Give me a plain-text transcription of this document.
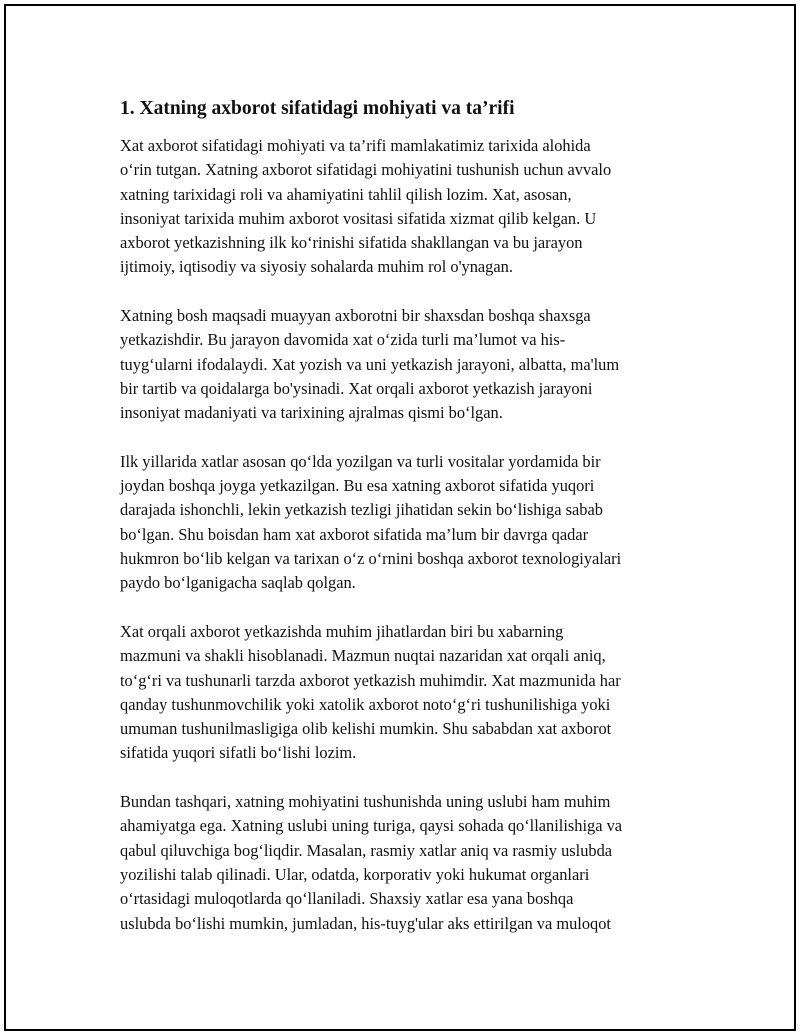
1. Xatning axborot sifatidagi mohiyati va ta’rifi

Xat axborot sifatidagi mohiyati va ta’rifi mamlakatimiz tarixida alohida
o‘rin tutgan. Xatning axborot sifatidagi mohiyatini tushunish uchun avvalo
xatning tarixidagi roli va ahamiyatini tahlil qilish lozim. Xat, asosan,
insoniyat tarixida muhim axborot vositasi sifatida xizmat qilib kelgan. U
axborot yetkazishning ilk ko‘rinishi sifatida shakllangan va bu jarayon
ijtimoiy, iqtisodiy va siyosiy sohalarda muhim rol o'ynagan.

Xatning bosh maqsadi muayyan axborotni bir shaxsdan boshqa shaxsga
yetkazishdir. Bu jarayon davomida xat o‘zida turli ma’lumot va his-
tuyg‘ularni ifodalaydi. Xat yozish va uni yetkazish jarayoni, albatta, ma'lum
bir tartib va qoidalarga bo'ysinadi. Xat orqali axborot yetkazish jarayoni
insoniyat madaniyati va tarixining ajralmas qismi bo‘lgan.

Ilk yillarida xatlar asosan qo‘lda yozilgan va turli vositalar yordamida bir
joydan boshqa joyga yetkazilgan. Bu esa xatning axborot sifatida yuqori
darajada ishonchli, lekin yetkazish tezligi jihatidan sekin bo‘lishiga sabab
bo‘lgan. Shu boisdan ham xat axborot sifatida ma’lum bir davrga qadar
hukmron bo‘lib kelgan va tarixan o‘z o‘rnini boshqa axborot texnologiyalari
paydo bo‘lganigacha saqlab qolgan.

Xat orqali axborot yetkazishda muhim jihatlardan biri bu xabarning
mazmuni va shakli hisoblanadi. Mazmun nuqtai nazaridan xat orqali aniq,
to‘g‘ri va tushunarli tarzda axborot yetkazish muhimdir. Xat mazmunida har
qanday tushunmovchilik yoki xatolik axborot noto‘g‘ri tushunilishiga yoki
umuman tushunilmasligiga olib kelishi mumkin. Shu sababdan xat axborot
sifatida yuqori sifatli bo‘lishi lozim.

Bundan tashqari, xatning mohiyatini tushunishda uning uslubi ham muhim
ahamiyatga ega. Xatning uslubi uning turiga, qaysi sohada qo‘llanilishiga va
qabul qiluvchiga bog‘liqdir. Masalan, rasmiy xatlar aniq va rasmiy uslubda
yozilishi talab qilinadi. Ular, odatda, korporativ yoki hukumat organlari
o‘rtasidagi muloqotlarda qo‘llaniladi. Shaxsiy xatlar esa yana boshqa
uslubda bo‘lishi mumkin, jumladan, his-tuyg'ular aks ettirilgan va muloqot
